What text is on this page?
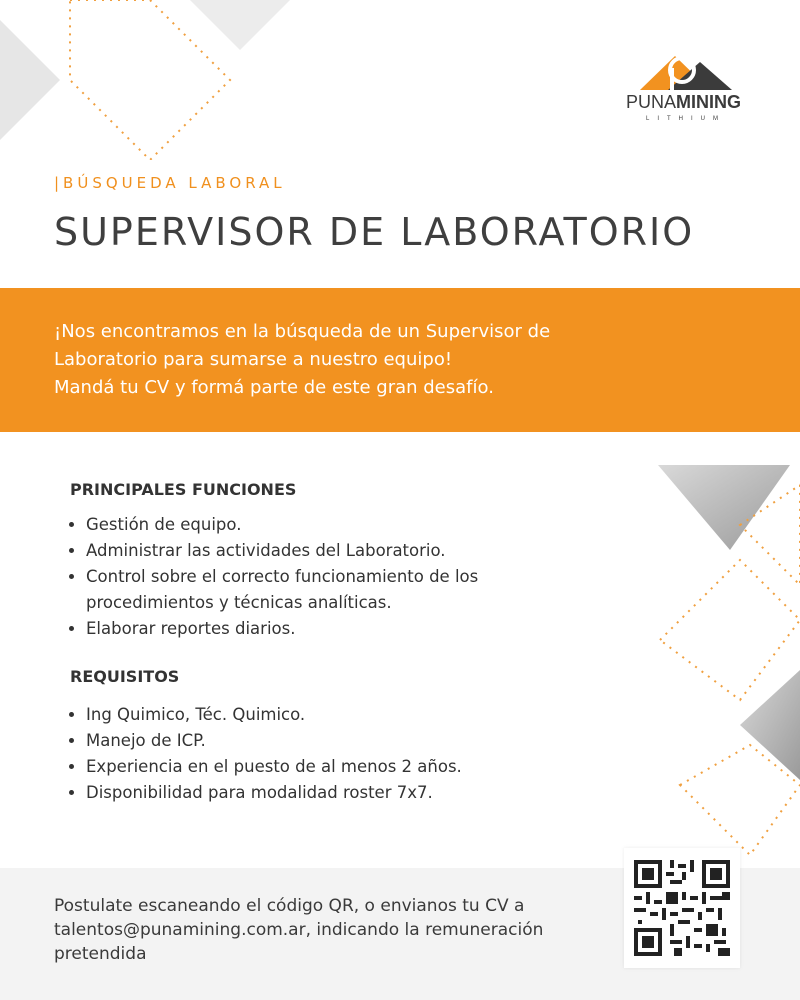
PUNAMINING
LITHIUM
|BÚSQUEDA LABORAL
SUPERVISOR DE LABORATORIO
¡Nos encontramos en la búsqueda de un Supervisor de
Laboratorio para sumarse a nuestro equipo!
Mandá tu CV y formá parte de este gran desafío.
PRINCIPALES FUNCIONES
• Gestión de equipo.
• Administrar las actividades del Laboratorio.
• Control sobre el correcto funcionamiento de los procedimientos y técnicas analíticas.
• Elaborar reportes diarios.
REQUISITOS
• Ing Quimico, Téc. Quimico.
• Manejo de ICP.
• Experiencia en el puesto de al menos 2 años.
• Disponibilidad para modalidad roster 7x7.
Postulate escaneando el código QR, o envianos tu CV a talentos@punamining.com.ar, indicando la remuneración pretendida
